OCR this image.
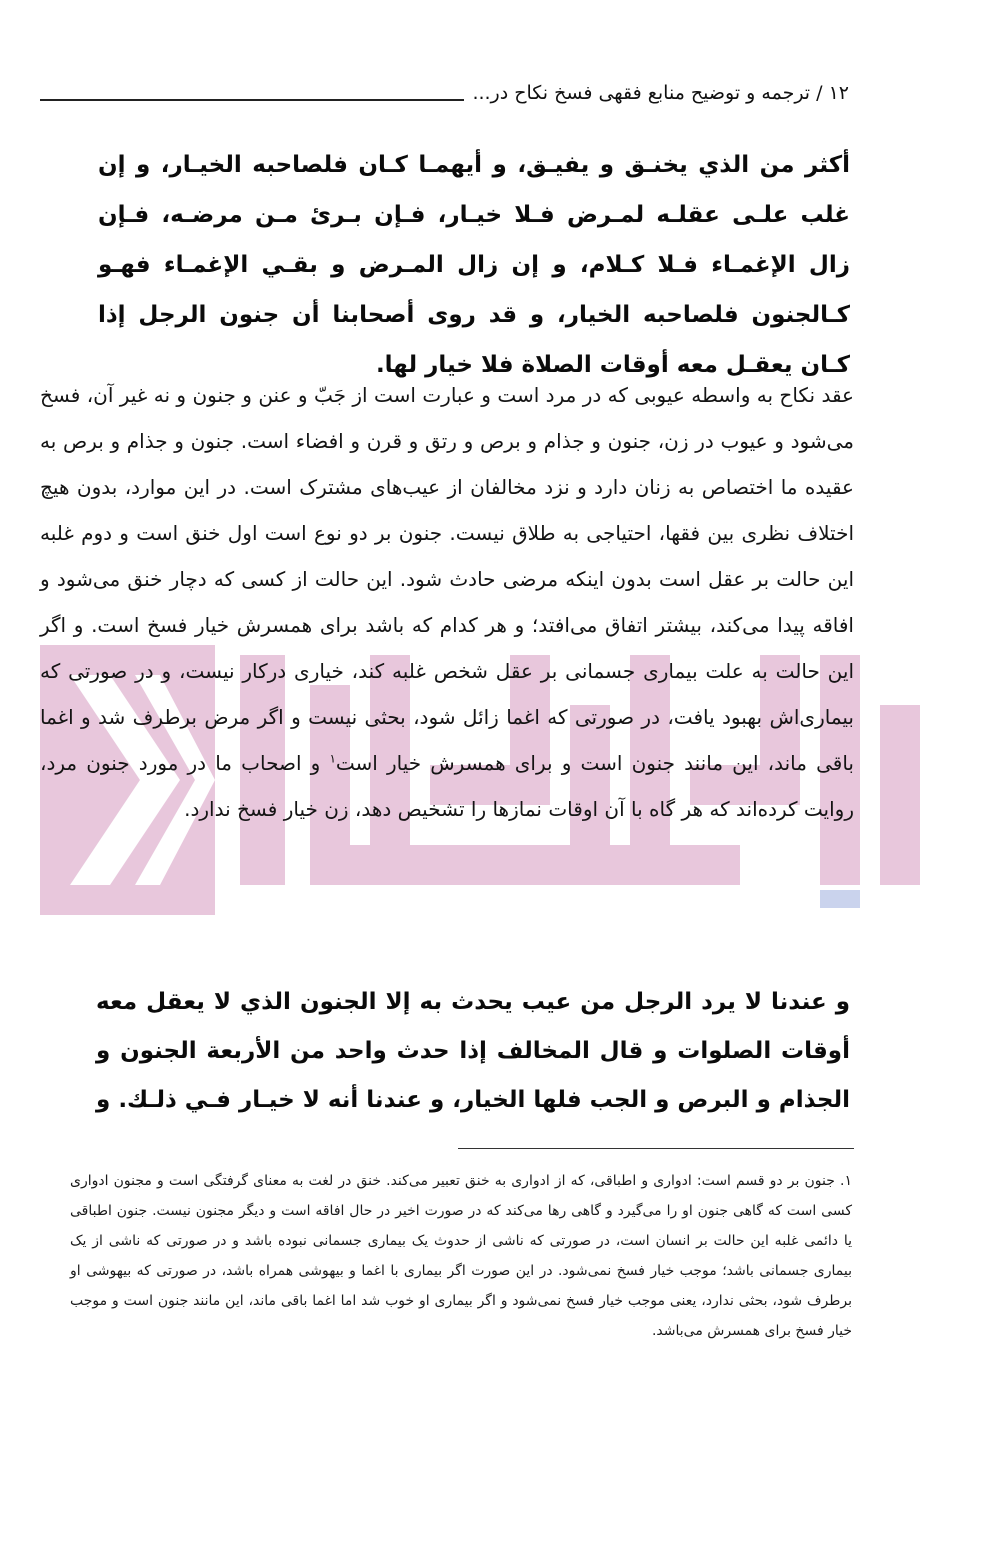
۱۲ / ترجمه و توضیح منابع فقهی فسخ نکاح در...
أكثر من الذي يخنـق و يفيـق، و أيهمـا كـان فلصاحبه الخيـار، و إن غلب علـى عقلـه لمـرض فـلا خيـار، فـإن بـرئ مـن مرضـه، فـإن زال الإغمـاء فـلا كـلام، و إن زال المـرض و بقـي الإغمـاء فهـو كـالجنون فلصاحبه الخيار، و قد روى أصحابنا أن جنون الرجل إذا كـان يعقـل معه أوقات الصلاة فلا خيار لها.
عقد نکاح به واسطه عیوبی که در مرد است و عبارت است از جَبّ و عنن و جنون و نه غیر آن، فسخ می‌شود و عیوب در زن، جنون و جذام و برص و رتق و قرن و افضاء است. جنون و جذام و برص به عقیده ما اختصاص به زنان دارد و نزد مخالفان از عیب‌های مشترک است. در این موارد، بدون هیچ اختلاف نظری بین فقها، احتیاجی به طلاق نیست. جنون بر دو نوع است اول خنق است و دوم غلبه این حالت بر عقل است بدون اینکه مرضی حادث شود. این حالت از کسی که دچار خنق می‌شود و افاقه پیدا می‌کند، بیشتر اتفاق می‌افتد؛ و هر کدام که باشد برای همسرش خیار فسخ است. و اگر این حالت به علت بیماری جسمانی بر عقل شخص غلبه کند، خیاری درکار نیست، و در صورتی که بیماری‌اش بهبود یافت، در صورتی که اغما زائل شود، بحثی نیست و اگر مرض برطرف شد و اغما باقی ماند، این مانند جنون است و برای همسرش خیار است$^۱$ و اصحاب ما در مورد جنون مرد، روایت کرده‌اند که هر گاه با آن اوقات نمازها را تشخیص دهد، زن خیار فسخ ندارد.
و عندنا لا يرد الرجل من عيب يحدث به إلا الجنون الذي لا يعقل معه أوقات الصلوات و قال المخالف إذا حدث واحد من الأربعة الجنون و الجذام و البرص و الجب فلها الخيار، و عندنا أنه لا خيـار فـي ذلـك. و
۱. جنون بر دو قسم است: ادواری و اطباقی، که از ادواری به خنق تعبیر می‌کند. خنق در لغت به معنای گرفتگی است و مجنون ادواری کسی است که گاهی جنون او را می‌گیرد و گاهی رها می‌کند که در صورت اخیر در حال افاقه است و دیگر مجنون نیست. جنون اطباقی یا دائمی غلبه این حالت بر انسان است، در صورتی که ناشی از حدوث یک بیماری جسمانی نبوده باشد و در صورتی که ناشی از یک بیماری جسمانی باشد؛ موجب خیار فسخ نمی‌شود. در این صورت اگر بیماری با اغما و بیهوشی همراه باشد، در صورتی که بیهوشی او برطرف شود، بحثی ندارد، یعنی موجب خیار فسخ نمی‌شود و اگر بیماری او خوب شد اما اغما باقی ماند، این مانند جنون است و موجب خیار فسخ برای همسرش می‌باشد.
